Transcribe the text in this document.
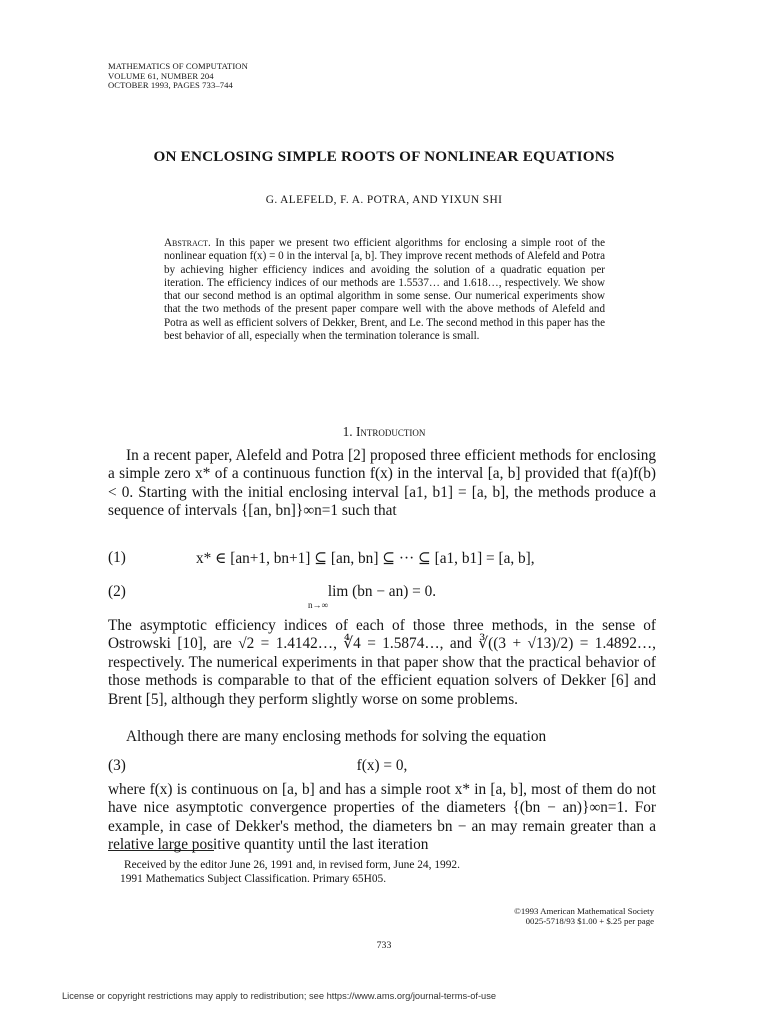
MATHEMATICS OF COMPUTATION
VOLUME 61, NUMBER 204
OCTOBER 1993, PAGES 733–744
ON ENCLOSING SIMPLE ROOTS OF NONLINEAR EQUATIONS
G. ALEFELD, F. A. POTRA, AND YIXUN SHI
Abstract. In this paper we present two efficient algorithms for enclosing a simple root of the nonlinear equation f(x) = 0 in the interval [a, b]. They improve recent methods of Alefeld and Potra by achieving higher efficiency indices and avoiding the solution of a quadratic equation per iteration. The efficiency indices of our methods are 1.5537… and 1.618…, respectively. We show that our second method is an optimal algorithm in some sense. Our numerical experiments show that the two methods of the present paper compare well with the above methods of Alefeld and Potra as well as efficient solvers of Dekker, Brent, and Le. The second method in this paper has the best behavior of all, especially when the termination tolerance is small.
1. Introduction
In a recent paper, Alefeld and Potra [2] proposed three efficient methods for enclosing a simple zero x* of a continuous function f(x) in the interval [a, b] provided that f(a)f(b) < 0. Starting with the initial enclosing interval [a1, b1] = [a, b], the methods produce a sequence of intervals {[an, bn]}∞n=1 such that
(1)	x* ∈ [an+1, bn+1] ⊆ [an, bn] ⊆ ··· ⊆ [a1, b1] = [a, b],
(2)	lim (bn − an) = 0.
n→∞
The asymptotic efficiency indices of each of those three methods, in the sense of Ostrowski [10], are √2 = 1.4142…, ∜4 = 1.5874…, and ∛((3 + √13)/2) = 1.4892…, respectively. The numerical experiments in that paper show that the practical behavior of those methods is comparable to that of the efficient equation solvers of Dekker [6] and Brent [5], although they perform slightly worse on some problems.
Although there are many enclosing methods for solving the equation
(3)	f(x) = 0,
where f(x) is continuous on [a, b] and has a simple root x* in [a, b], most of them do not have nice asymptotic convergence properties of the diameters {(bn − an)}∞n=1. For example, in case of Dekker's method, the diameters bn − an may remain greater than a relative large positive quantity until the last iteration
Received by the editor June 26, 1991 and, in revised form, June 24, 1992.
1991 Mathematics Subject Classification. Primary 65H05.
©1993 American Mathematical Society
0025-5718/93 $1.00 + $.25 per page
733
License or copyright restrictions may apply to redistribution; see https://www.ams.org/journal-terms-of-use
